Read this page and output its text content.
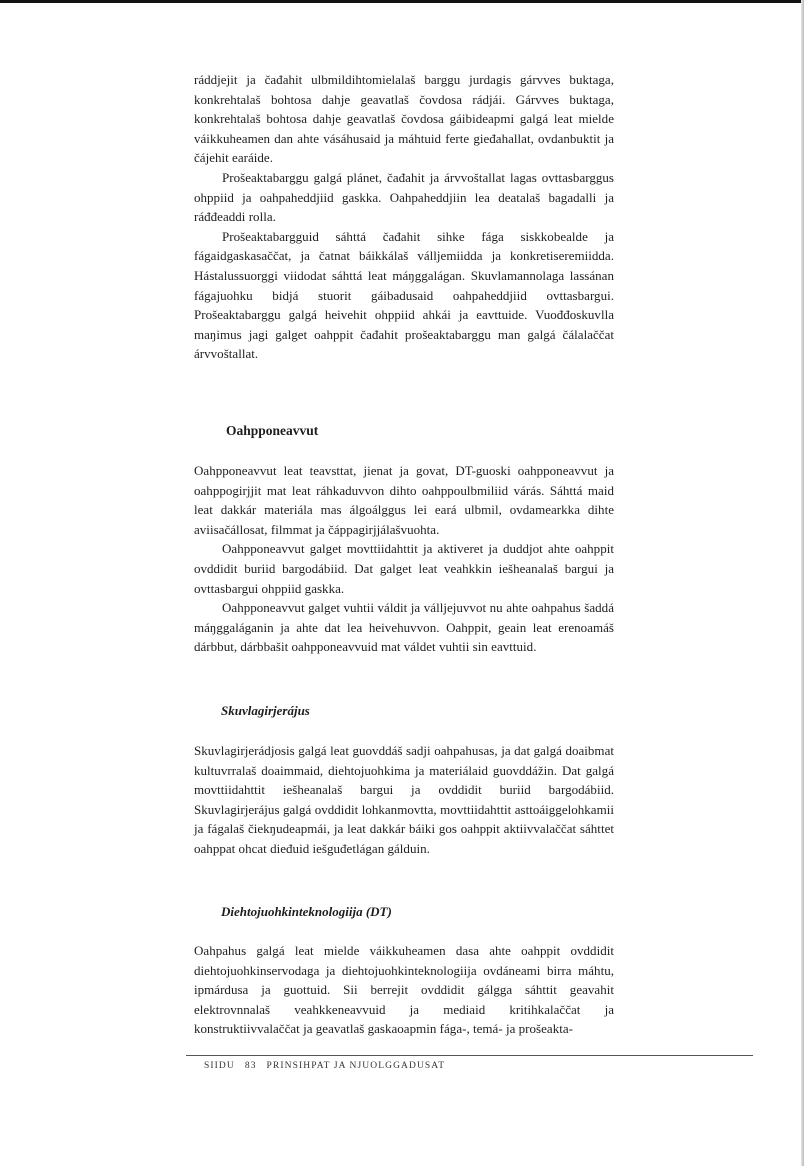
ráddjejit ja čađahit ulbmildihtomielalaš barggu jurdagis gárvves buktaga, konkrehtalaš bohtosa dahje geavatlaš čovdosa rádjái. Gárvves buktaga, konkrehtalaš bohtosa dahje geavatlaš čovdosa gáibideapmi galgá leat mielde váikkuheamen dan ahte vásáhusaid ja máhtuid ferte gieđahallat, ovdanbuktit ja čájehit earáide.

Prošeaktabarggu galgá plánet, čađahit ja árvvoštallat lagas ovttasbarggus ohppiid ja oahpaheddjiid gaskka. Oahpaheddjiin lea deatalaš bagadalli ja ráđđeaddi rolla.

Prošeaktabargguid sáhttá čađahit sihke fága siskkobealde ja fágaidgaskasaččat, ja čatnat báikkálaš válljemiidda ja konkretiseremiidda. Hástalussuorggi viidodat sáhttá leat máŋggalágan. Skuvlamannolaga lassánan fágajuohku bidjá stuorit gáibadusaid oahpaheddjiid ovttasbargui. Prošeaktabarggu galgá heivehit ohppiid ahkái ja eavttuide. Vuođđoskuvlla maŋimus jagi galget oahppit čađahit prošeaktabarggu man galgá čálalaččat árvvoštallat.

Oahpponeavvut

Oahpponeavvut leat teavsttat, jienat ja govat, DT-guoski oahpponeavvut ja oahppogirjjit mat leat ráhkaduvvon dihto oahppoulbmiliid várás. Sáhttá maid leat dakkár materiála mas álgoálggus lei eará ulbmil, ovdamearkka dihte aviisačállosat, filmmat ja čáppagirjjálašvuohta.

Oahpponeavvut galget movttiidahttit ja aktiveret ja duddjot ahte oahppit ovddidit buriid bargodábiid. Dat galget leat veahkkin iešheanalaš bargui ja ovttasbargui ohppiid gaskka.

Oahpponeavvut galget vuhtii váldit ja válljejuvvot nu ahte oahpahus šaddá máŋggaláganin ja ahte dat lea heivehuvvon. Oahppit, geain leat erenoamáš dárbbut, dárbbašit oahpponeavvuid mat váldet vuhtii sin eavttuid.

Skuvlagirjerájus

Skuvlagirjerádjosis galgá leat guovddáš sadji oahpahusas, ja dat galgá doaibmat kultuvrralaš doaimmaid, diehtojuohkima ja materiálaid guovddážin. Dat galgá movttiidahttit iešheanalaš bargui ja ovddidit buriid bargodábiid. Skuvlagirjerájus galgá ovddidit lohkanmovtta, movttiidahttit asttoáiggelohkamii ja fágalaš čiekŋudeapmái, ja leat dakkár báiki gos oahppit aktiivvalaččat sáhttet oahppat ohcat dieđuid iešguđetlágan gálduin.

Diehtojuohkinteknologiija (DT)

Oahpahus galgá leat mielde váikkuheamen dasa ahte oahppit ovddidit diehtojuohkinservodaga ja diehtojuohkinteknologiija ovdáneami birra máhtu, ipmárdusa ja guottuid. Sii berrejit ovddidit gálgga sáhttit geavahit elektrovnnalaš veahkkeneavvuid ja mediaid kritihkalaččat ja konstruktiivvalaččat ja geavatlaš gaskaoapmin fága-, temá- ja prošeakta-

SIIDU 83 PRINSIHPAT JA NJUOLGGADUSAT
